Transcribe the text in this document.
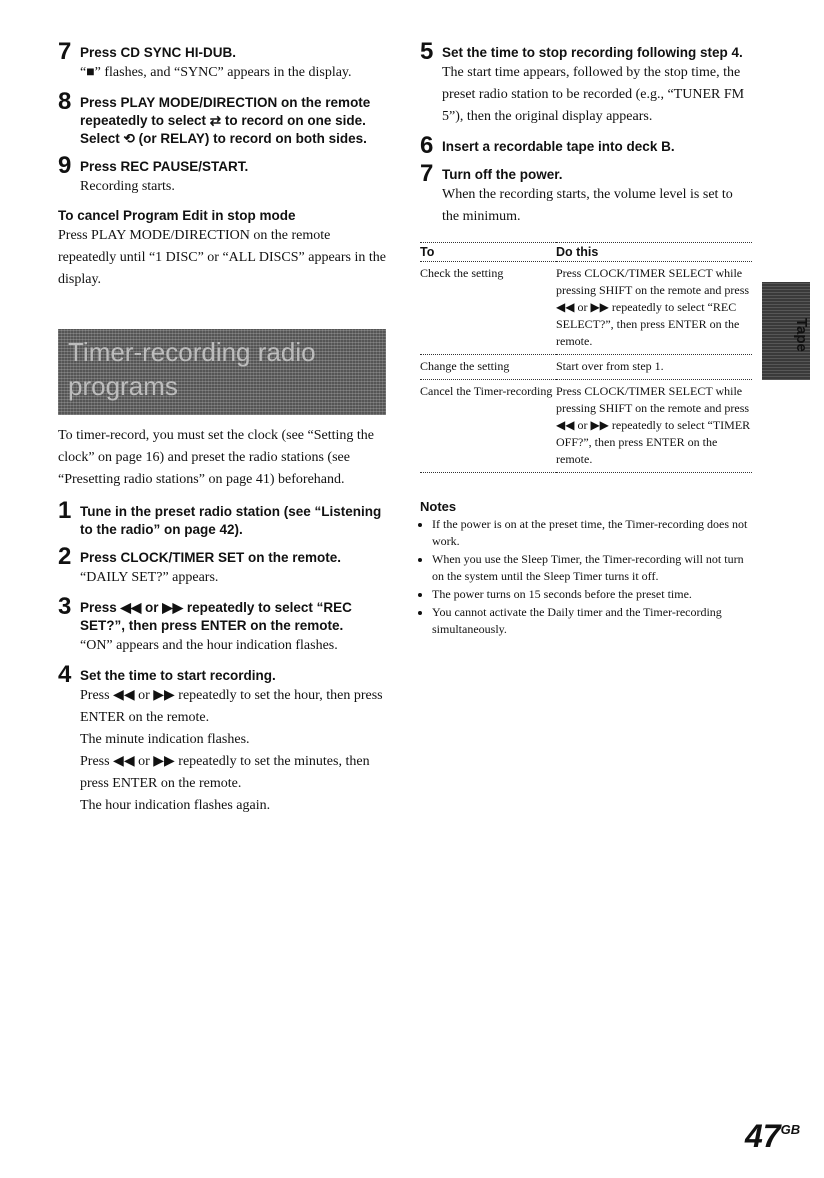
7 Press CD SYNC HI-DUB.
“■” flashes, and “SYNC” appears in the display.
8 Press PLAY MODE/DIRECTION on the remote repeatedly to select ⇄ to record on one side.
Select ⟲ (or RELAY) to record on both sides.
9 Press REC PAUSE/START.
Recording starts.
To cancel Program Edit in stop mode
Press PLAY MODE/DIRECTION on the remote repeatedly until “1 DISC” or “ALL DISCS” appears in the display.
Timer-recording radio programs
To timer-record, you must set the clock (see “Setting the clock” on page 16) and preset the radio stations (see “Presetting radio stations” on page 41) beforehand.
1 Tune in the preset radio station (see “Listening to the radio” on page 42).
2 Press CLOCK/TIMER SET on the remote.
“DAILY SET?” appears.
3 Press ◀◀ or ▶▶ repeatedly to select “REC SET?”, then press ENTER on the remote.
“ON” appears and the hour indication flashes.
4 Set the time to start recording.
Press ◀◀ or ▶▶ repeatedly to set the hour, then press ENTER on the remote.
The minute indication flashes.
Press ◀◀ or ▶▶ repeatedly to set the minutes, then press ENTER on the remote.
The hour indication flashes again.
5 Set the time to stop recording following step 4.
The start time appears, followed by the stop time, the preset radio station to be recorded (e.g., “TUNER FM 5”), then the original display appears.
6 Insert a recordable tape into deck B.
7 Turn off the power.
When the recording starts, the volume level is set to the minimum.
To	Do this
Check the setting	Press CLOCK/TIMER SELECT while pressing SHIFT on the remote and press ◀◀ or ▶▶ repeatedly to select “REC SELECT?”, then press ENTER on the remote.
Change the setting	Start over from step 1.
Cancel the Timer-recording	Press CLOCK/TIMER SELECT while pressing SHIFT on the remote and press ◀◀ or ▶▶ repeatedly to select “TIMER OFF?”, then press ENTER on the remote.
Notes
• If the power is on at the preset time, the Timer-recording does not work.
• When you use the Sleep Timer, the Timer-recording will not turn on the system until the Sleep Timer turns it off.
• The power turns on 15 seconds before the preset time.
• You cannot activate the Daily timer and the Timer-recording simultaneously.
Tape
$47^{GB}$
